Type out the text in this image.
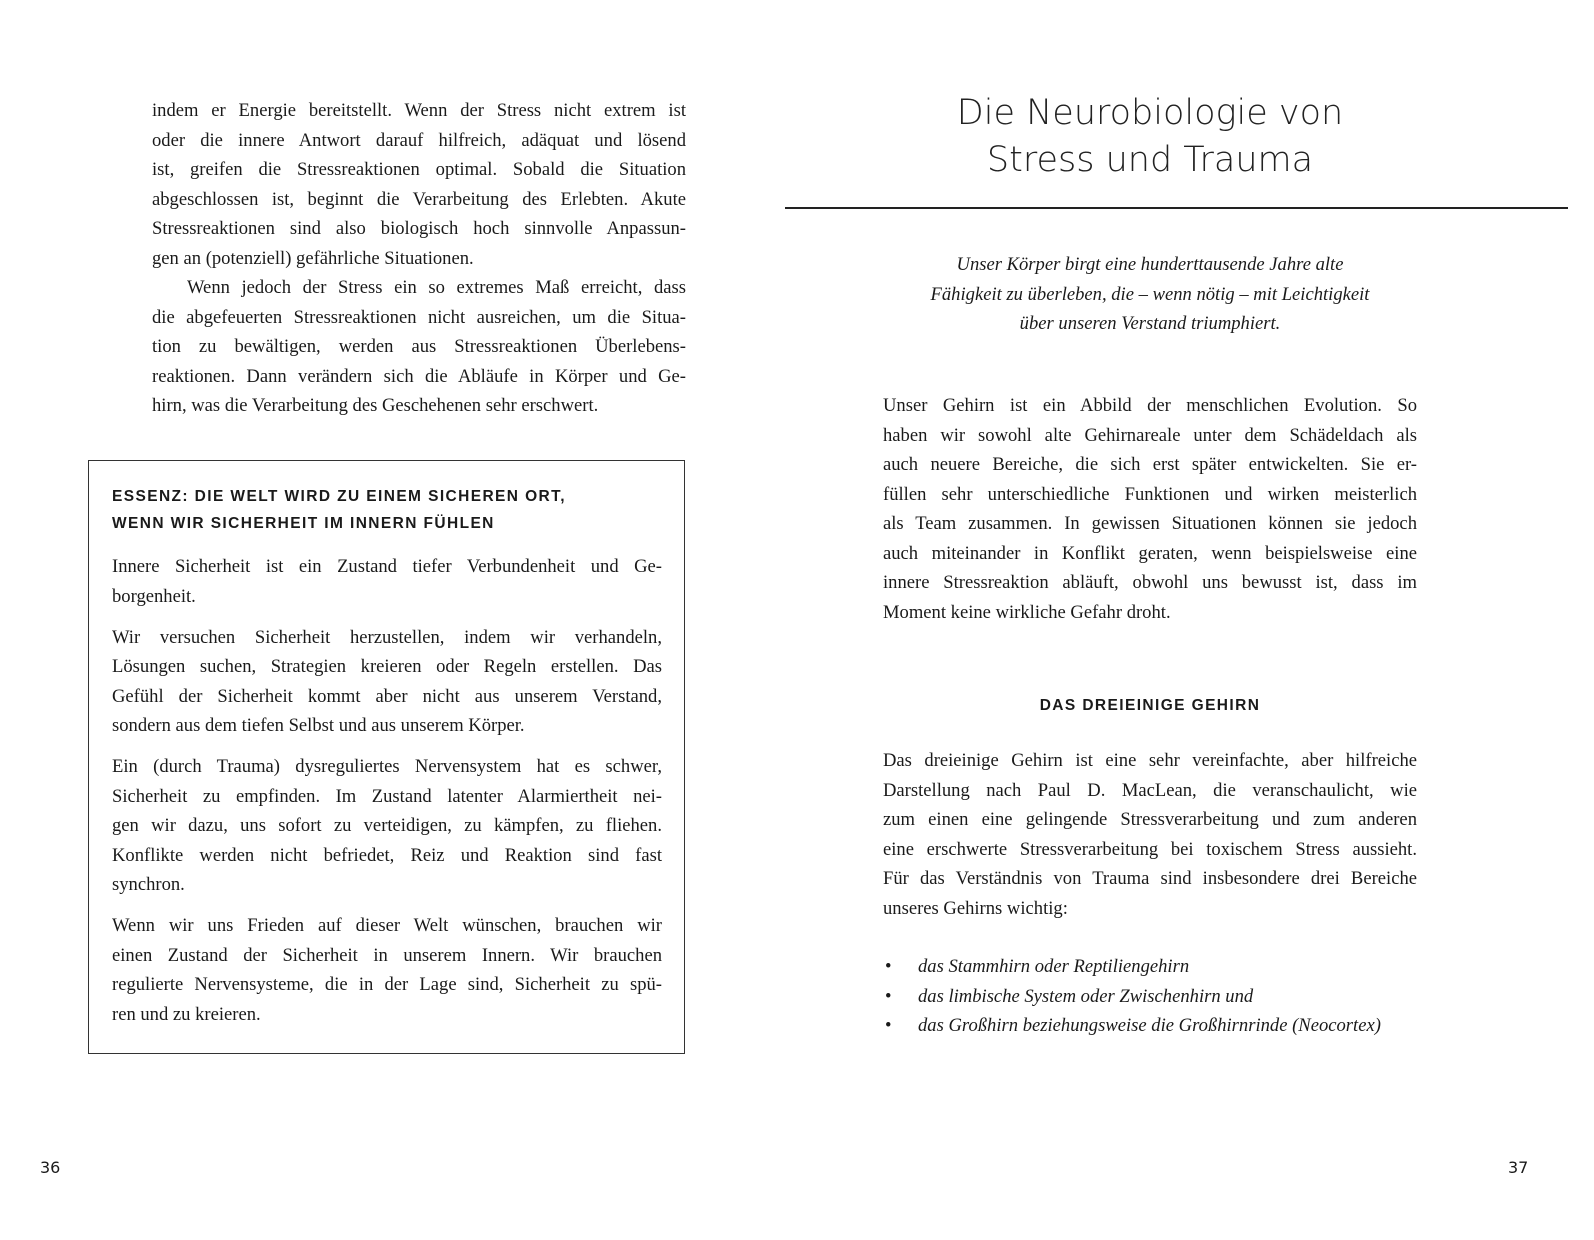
indem er Energie bereitstellt. Wenn der Stress nicht extrem ist
oder die innere Antwort darauf hilfreich, adäquat und lösend
ist, greifen die Stressreaktionen optimal. Sobald die Situation
abgeschlossen ist, beginnt die Verarbeitung des Erlebten. Akute
Stressreaktionen sind also biologisch hoch sinnvolle Anpassun-
gen an (potenziell) gefährliche Situationen.
Wenn jedoch der Stress ein so extremes Maß erreicht, dass
die abgefeuerten Stressreaktionen nicht ausreichen, um die Situa-
tion zu bewältigen, werden aus Stressreaktionen Überlebens-
reaktionen. Dann verändern sich die Abläufe in Körper und Ge-
hirn, was die Verarbeitung des Geschehenen sehr erschwert.
ESSENZ: DIE WELT WIRD ZU EINEM SICHEREN ORT,
WENN WIR SICHERHEIT IM INNERN FÜHLEN
Innere Sicherheit ist ein Zustand tiefer Verbundenheit und Ge-
borgenheit.
Wir versuchen Sicherheit herzustellen, indem wir verhandeln,
Lösungen suchen, Strategien kreieren oder Regeln erstellen. Das
Gefühl der Sicherheit kommt aber nicht aus unserem Verstand,
sondern aus dem tiefen Selbst und aus unserem Körper.
Ein (durch Trauma) dysreguliertes Nervensystem hat es schwer,
Sicherheit zu empfinden. Im Zustand latenter Alarmiertheit nei-
gen wir dazu, uns sofort zu verteidigen, zu kämpfen, zu fliehen.
Konflikte werden nicht befriedet, Reiz und Reaktion sind fast
synchron.
Wenn wir uns Frieden auf dieser Welt wünschen, brauchen wir
einen Zustand der Sicherheit in unserem Innern. Wir brauchen
regulierte Nervensysteme, die in der Lage sind, Sicherheit zu spü-
ren und zu kreieren.
36
Die Neurobiologie von
Stress und Trauma
Unser Körper birgt eine hunderttausende Jahre alte
Fähigkeit zu überleben, die – wenn nötig – mit Leichtigkeit
über unseren Verstand triumphiert.
Unser Gehirn ist ein Abbild der menschlichen Evolution. So
haben wir sowohl alte Gehirnareale unter dem Schädeldach als
auch neuere Bereiche, die sich erst später entwickelten. Sie er-
füllen sehr unterschiedliche Funktionen und wirken meisterlich
als Team zusammen. In gewissen Situationen können sie jedoch
auch miteinander in Konflikt geraten, wenn beispielsweise eine
innere Stressreaktion abläuft, obwohl uns bewusst ist, dass im
Moment keine wirkliche Gefahr droht.
DAS DREIEINIGE GEHIRN
Das dreieinige Gehirn ist eine sehr vereinfachte, aber hilfreiche
Darstellung nach Paul D. MacLean, die veranschaulicht, wie
zum einen eine gelingende Stressverarbeitung und zum anderen
eine erschwerte Stressverarbeitung bei toxischem Stress aussieht.
Für das Verständnis von Trauma sind insbesondere drei Bereiche
unseres Gehirns wichtig:
• das Stammhirn oder Reptiliengehirn
• das limbische System oder Zwischenhirn und
• das Großhirn beziehungsweise die Großhirnrinde (Neocortex)
37
